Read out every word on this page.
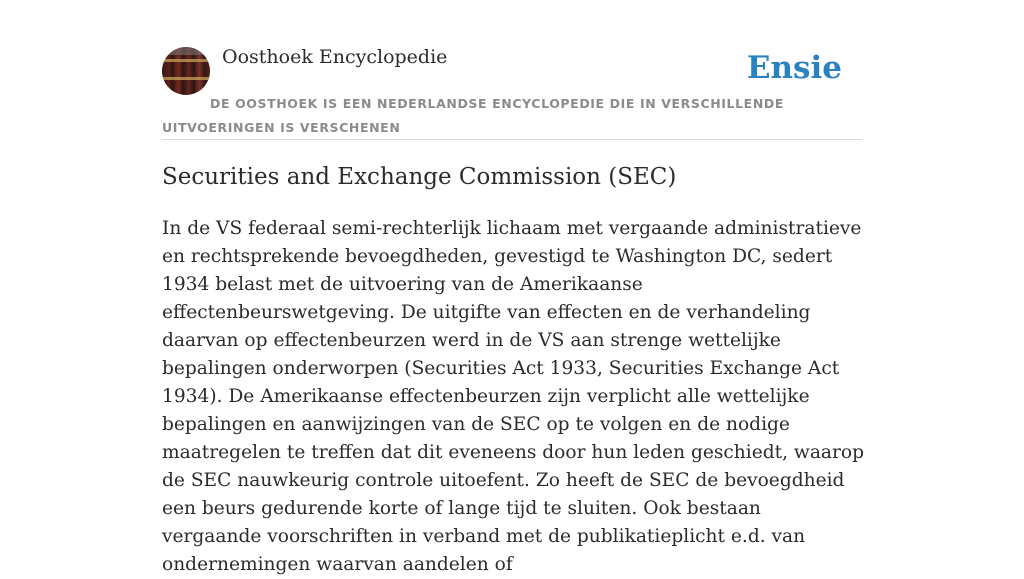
Oosthoek Encyclopedie	Ensie
DE OOSTHOEK IS EEN NEDERLANDSE ENCYCLOPEDIE DIE IN VERSCHILLENDE UITVOERINGEN IS VERSCHENEN
Securities and Exchange Commission (SEC)

In de VS federaal semi-rechterlijk lichaam met vergaande administratieve en rechtsprekende bevoegdheden, gevestigd te Washington DC, sedert 1934 belast met de uitvoering van de Amerikaanse effectenbeurswetgeving. De uitgifte van effecten en de verhandeling daarvan op effectenbeurzen werd in de VS aan strenge wettelijke bepalingen onderworpen (Securities Act 1933, Securities Exchange Act 1934). De Amerikaanse effectenbeurzen zijn verplicht alle wettelijke bepalingen en aanwijzingen van de SEC op te volgen en de nodige maatregelen te treffen dat dit eveneens door hun leden geschiedt, waarop de SEC nauwkeurig controle uitoefent. Zo heeft de SEC de bevoegdheid een beurs gedurende korte of lange tijd te sluiten. Ook bestaan vergaande voorschriften in verband met de publikatieplicht e.d. van ondernemingen waarvan aandelen of
